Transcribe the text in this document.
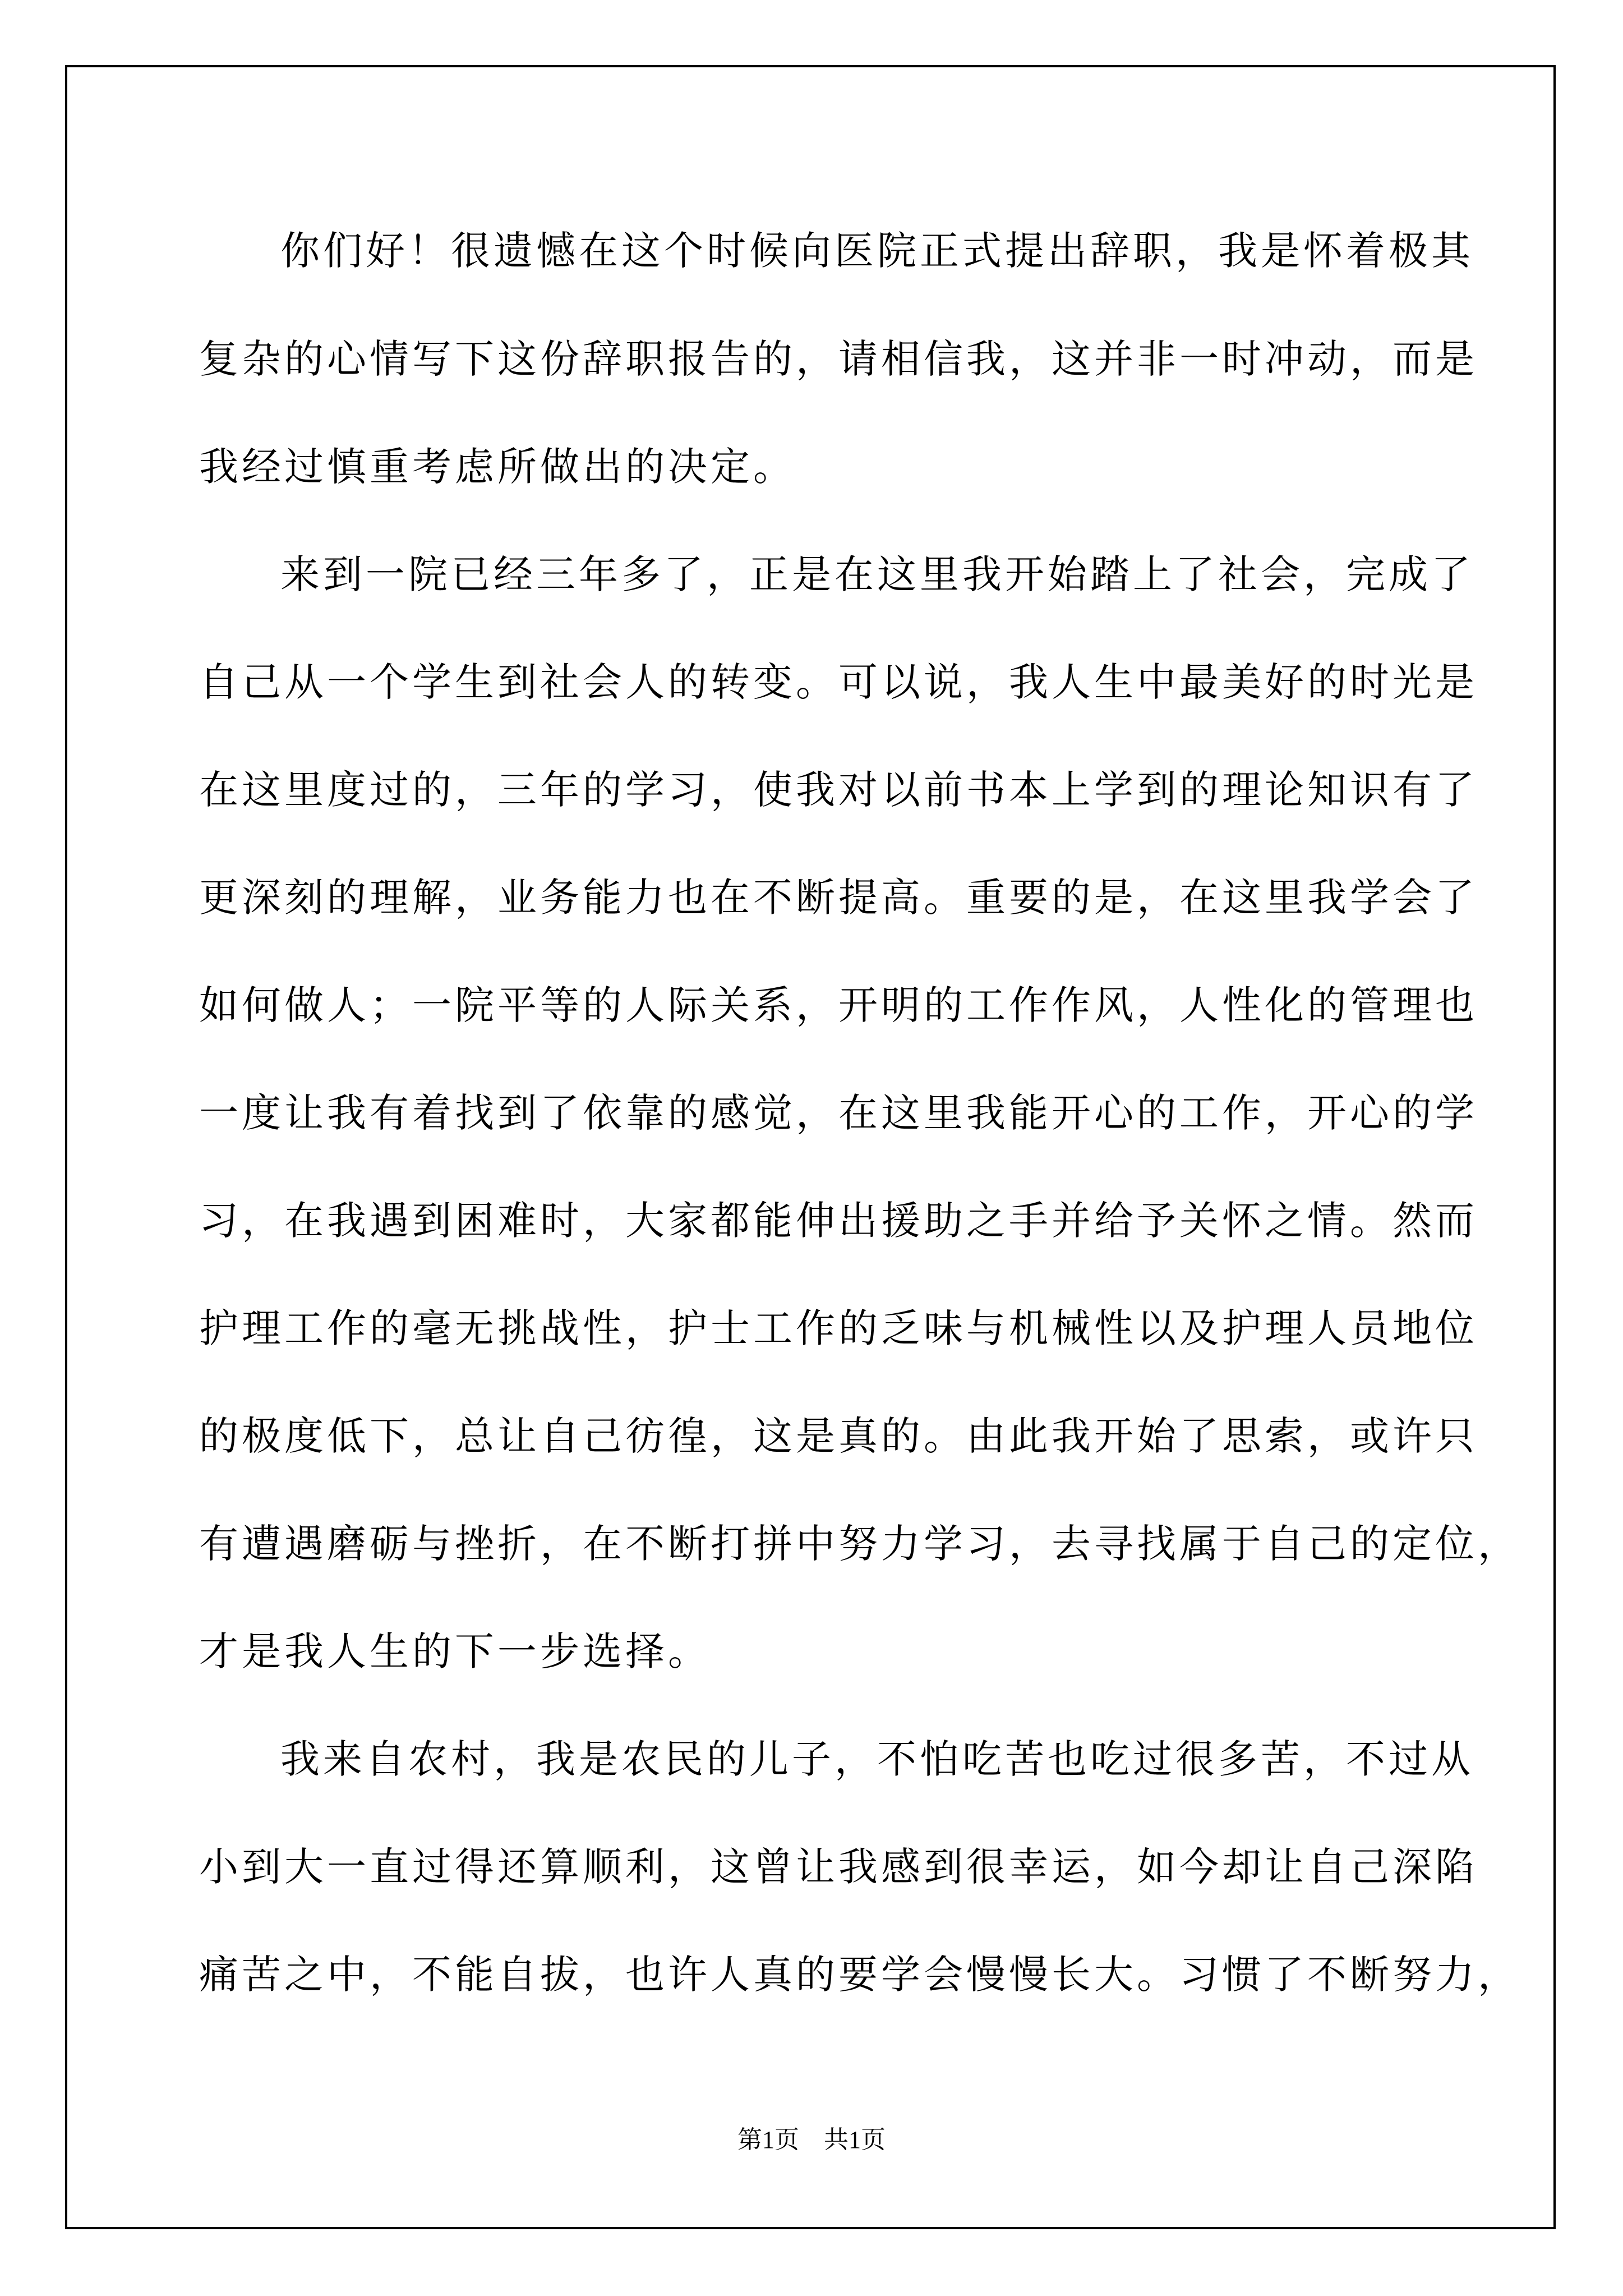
你们好！很遗憾在这个时候向医院正式提出辞职，我是怀着极其
复杂的心情写下这份辞职报告的，请相信我，这并非一时冲动，而是
我经过慎重考虑所做出的决定。
来到一院已经三年多了，正是在这里我开始踏上了社会，完成了
自己从一个学生到社会人的转变。可以说，我人生中最美好的时光是
在这里度过的，三年的学习，使我对以前书本上学到的理论知识有了
更深刻的理解，业务能力也在不断提高。重要的是，在这里我学会了
如何做人；一院平等的人际关系，开明的工作作风，人性化的管理也
一度让我有着找到了依靠的感觉，在这里我能开心的工作，开心的学
习，在我遇到困难时，大家都能伸出援助之手并给予关怀之情。然而
护理工作的毫无挑战性，护士工作的乏味与机械性以及护理人员地位
的极度低下，总让自己彷徨，这是真的。由此我开始了思索，或许只
有遭遇磨砺与挫折，在不断打拼中努力学习，去寻找属于自己的定位，
才是我人生的下一步选择。
我来自农村，我是农民的儿子，不怕吃苦也吃过很多苦，不过从
小到大一直过得还算顺利，这曾让我感到很幸运，如今却让自己深陷
痛苦之中，不能自拔，也许人真的要学会慢慢长大。习惯了不断努力，
第1页　共1页
